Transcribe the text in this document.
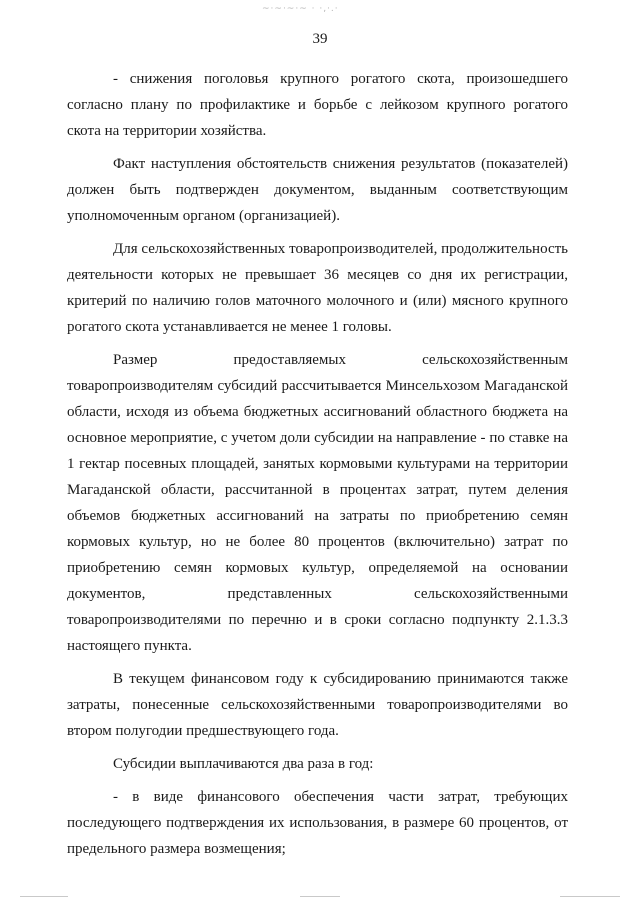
~·~·~·~ · ·,·.·
39

- снижения поголовья крупного рогатого скота, произошедшего согласно плану по профилактике и борьбе с лейкозом крупного рогатого скота на территории хозяйства.

Факт наступления обстоятельств снижения результатов (показателей) должен быть подтвержден документом, выданным соответствующим уполномоченным органом (организацией).

Для сельскохозяйственных товаропроизводителей, продолжительность деятельности которых не превышает 36 месяцев со дня их регистрации, критерий по наличию голов маточного молочного и (или) мясного крупного рогатого скота устанавливается не менее 1 головы.

Размер предоставляемых сельскохозяйственным товаропроизводителям субсидий рассчитывается Минсельхозом Магаданской области, исходя из объема бюджетных ассигнований областного бюджета на основное мероприятие, с учетом доли субсидии на направление - по ставке на 1 гектар посевных площадей, занятых кормовыми культурами на территории Магаданской области, рассчитанной в процентах затрат, путем деления объемов бюджетных ассигнований на затраты по приобретению семян кормовых культур, но не более 80 процентов (включительно) затрат по приобретению семян кормовых культур, определяемой на основании документов, представленных сельскохозяйственными товаропроизводителями по перечню и в сроки согласно подпункту 2.1.3.3 настоящего пункта.

В текущем финансовом году к субсидированию принимаются также затраты, понесенные сельскохозяйственными товаропроизводителями во втором полугодии предшествующего года.

Субсидии выплачиваются два раза в год:

- в виде финансового обеспечения части затрат, требующих последующего подтверждения их использования, в размере 60 процентов, от предельного размера возмещения;
